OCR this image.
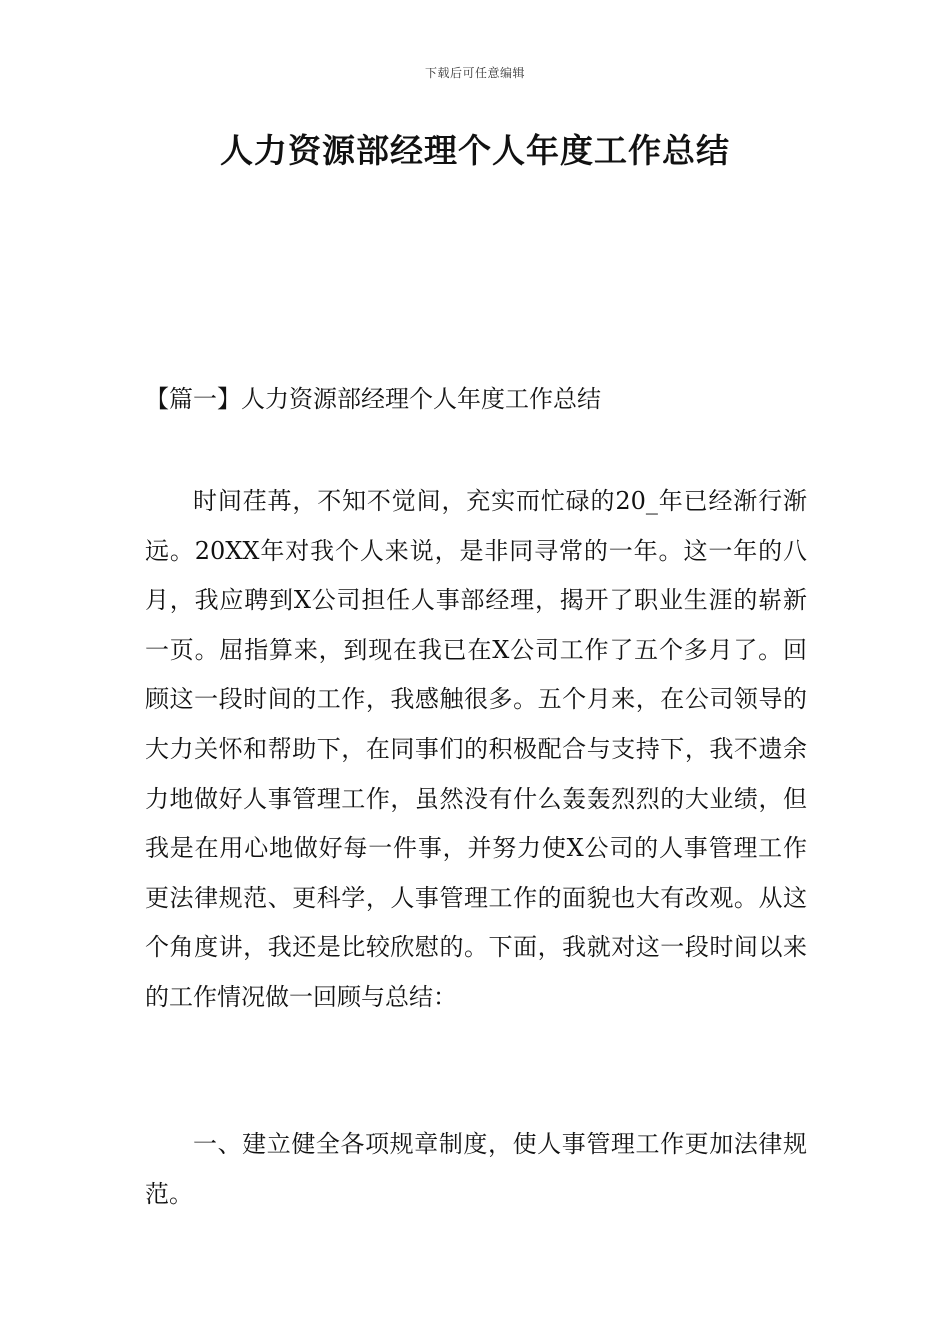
下载后可任意编辑
人力资源部经理个人年度工作总结
【篇一】人力资源部经理个人年度工作总结

时间荏苒，不知不觉间，充实而忙碌的20_年已经渐行渐远。20XX年对我个人来说，是非同寻常的一年。这一年的八月，我应聘到X公司担任人事部经理，揭开了职业生涯的崭新一页。屈指算来，到现在我已在X公司工作了五个多月了。回顾这一段时间的工作，我感触很多。五个月来，在公司领导的大力关怀和帮助下，在同事们的积极配合与支持下，我不遗余力地做好人事管理工作，虽然没有什么轰轰烈烈的大业绩，但我是在用心地做好每一件事，并努力使X公司的人事管理工作更法律规范、更科学，人事管理工作的面貌也大有改观。从这个角度讲，我还是比较欣慰的。下面，我就对这一段时间以来的工作情况做一回顾与总结：

一、建立健全各项规章制度，使人事管理工作更加法律规范。
